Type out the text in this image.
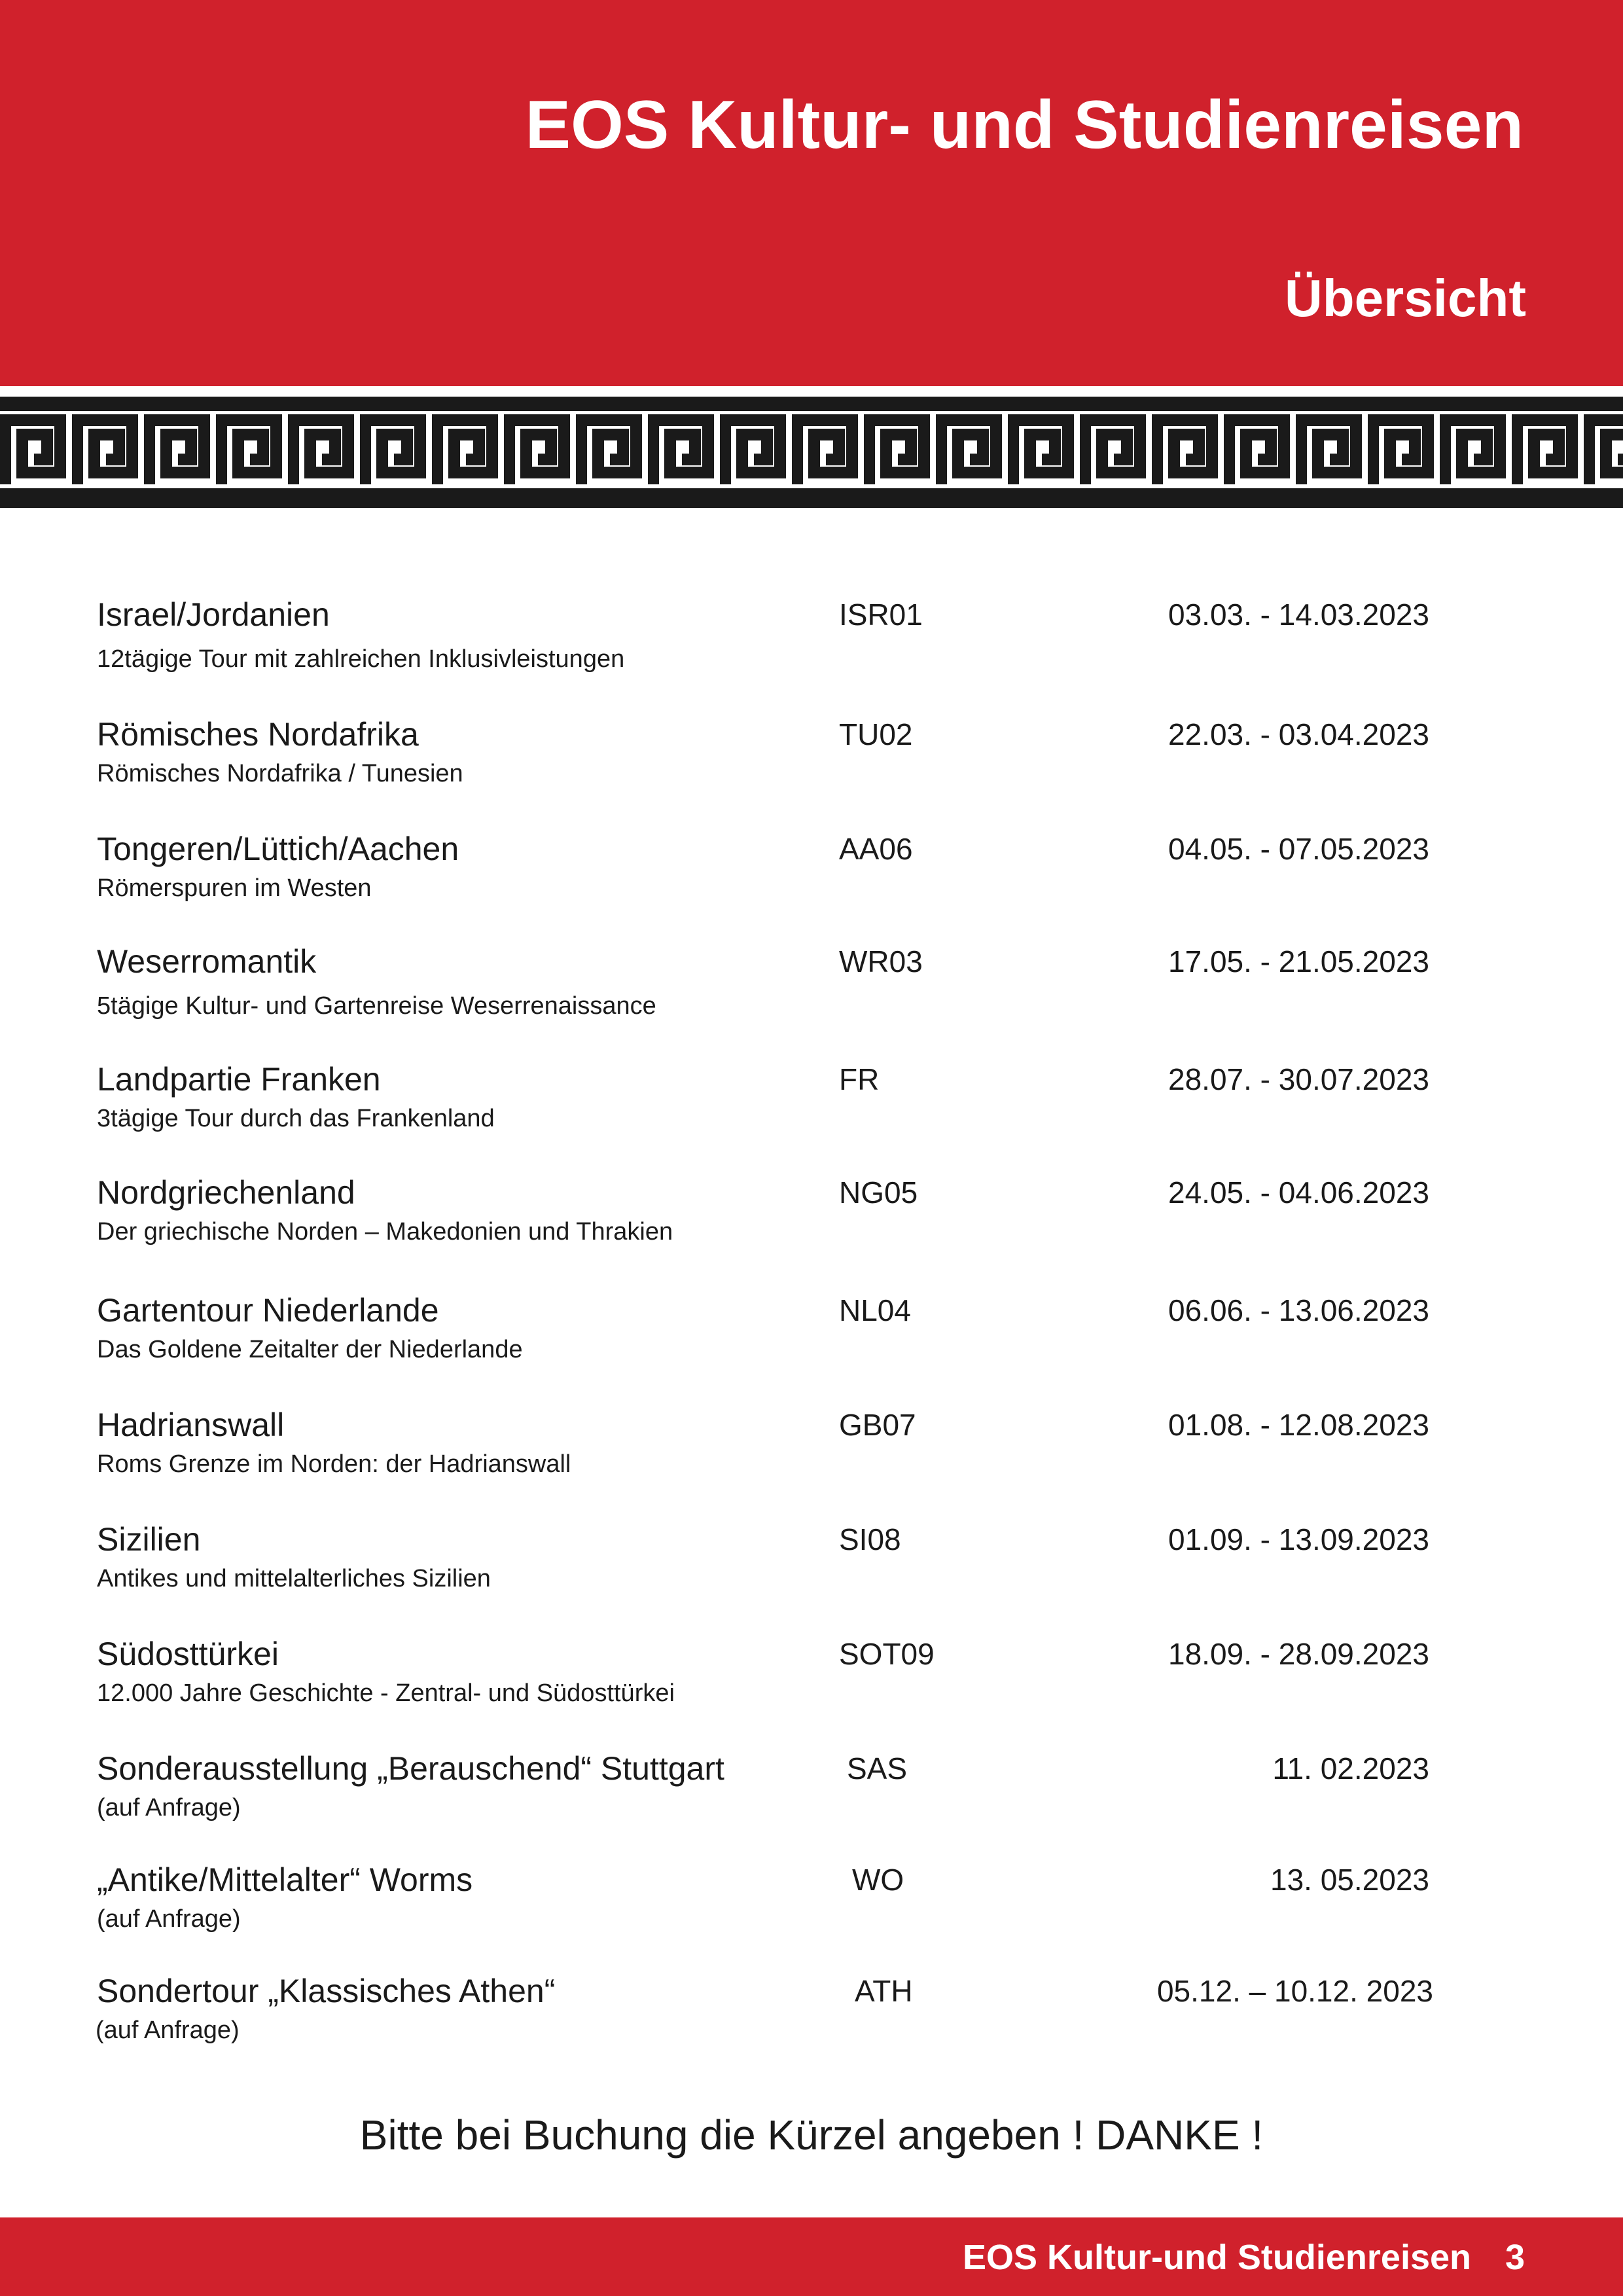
EOS Kultur- und Studienreisen
Übersicht
Israel/Jordanien
12tägige Tour mit zahlreichen Inklusivleistungen
ISR01	03.03. - 14.03.2023
Römisches Nordafrika
Römisches Nordafrika / Tunesien
TU02	22.03. - 03.04.2023
Tongeren/Lüttich/Aachen
Römerspuren im Westen
AA06	04.05. - 07.05.2023
Weserromantik
5tägige Kultur- und Gartenreise Weserrenaissance
WR03	17.05. - 21.05.2023
Landpartie Franken
3tägige Tour durch das Frankenland
FR	28.07. - 30.07.2023
Nordgriechenland
Der griechische Norden – Makedonien und Thrakien
NG05	24.05. - 04.06.2023
Gartentour Niederlande
Das Goldene Zeitalter der Niederlande
NL04	06.06. - 13.06.2023
Hadrianswall
Roms Grenze im Norden: der Hadrianswall
GB07	01.08. - 12.08.2023
Sizilien
Antikes und mittelalterliches Sizilien
SI08	01.09. - 13.09.2023
Südosttürkei
12.000 Jahre Geschichte - Zentral- und Südosttürkei
SOT09	18.09. - 28.09.2023
Sonderausstellung „Berauschend“ Stuttgart
(auf Anfrage)
SAS	11. 02.2023
„Antike/Mittelalter“ Worms
(auf Anfrage)
WO	13. 05.2023
Sondertour „Klassisches Athen“
(auf Anfrage)
ATH	05.12. – 10.12. 2023
Bitte bei Buchung die Kürzel angeben ! DANKE !
EOS Kultur-und Studienreisen 3
